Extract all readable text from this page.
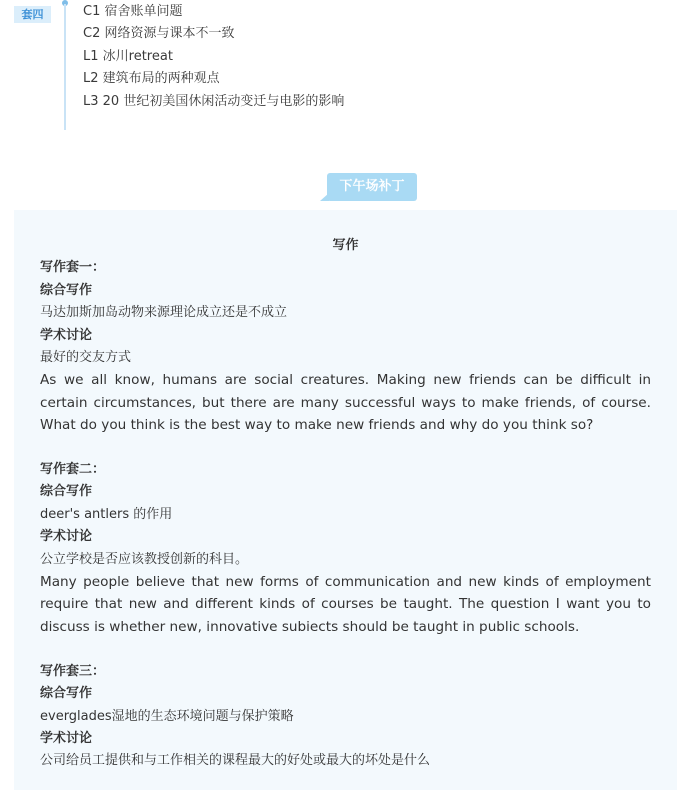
套四	C1 宿舍账单问题
C2 网络资源与课本不一致
L1 冰川retreat
L2 建筑布局的两种观点
L3 20 世纪初美国休闲活动变迁与电影的影响
下午场补丁

写作

写作套一：

综合写作

马达加斯加岛动物来源理论成立还是不成立

学术讨论

最好的交友方式

As we all know, humans are social creatures. Making new friends can be difficult in certain circumstances, but there are many successful ways to make friends, of course. What do you think is the best way to make new friends and why do you think so?

写作套二：

综合写作

deer's antlers 的作用

学术讨论

公立学校是否应该教授创新的科目。

Many people believe that new forms of communication and new kinds of employment require that new and different kinds of courses be taught. The question I want you to discuss is whether new, innovative subiects should be taught in public schools.

写作套三：

综合写作

everglades湿地的生态环境问题与保护策略

学术讨论

公司给员工提供和与工作相关的课程最大的好处或最大的坏处是什么
